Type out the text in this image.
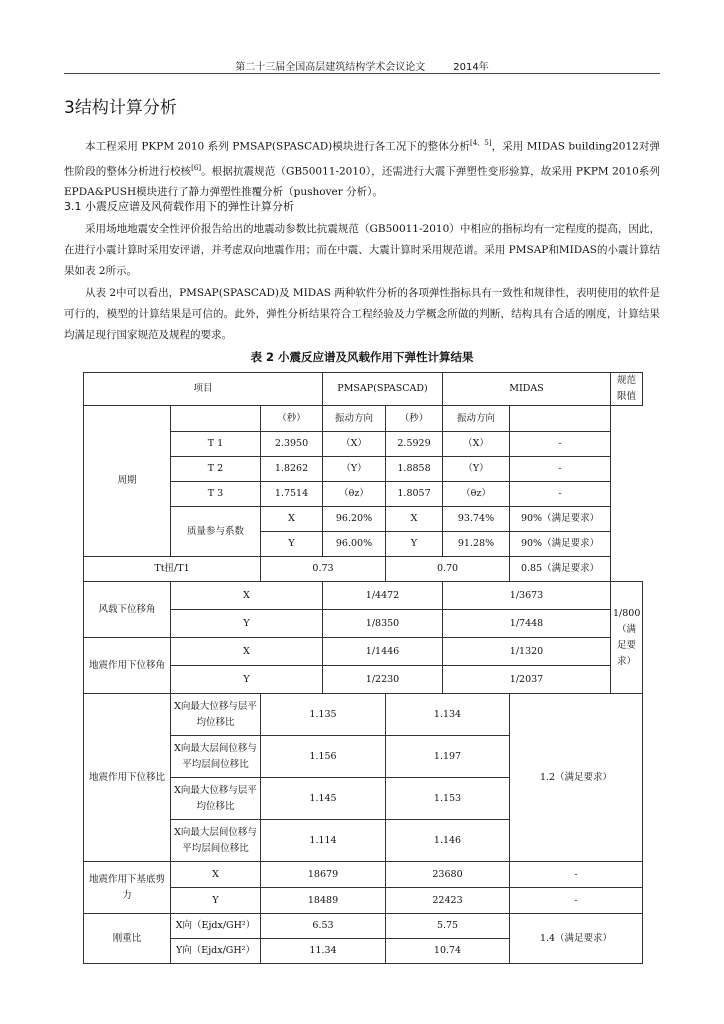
第二十三届全国高层建筑结构学术会议论文	2014年
3结构计算分析
本工程采用 PKPM 2010 系列 PMSAP(SPASCAD)模块进行各工况下的整体分析[4、5]，采用 MIDAS building2012对弹性阶段的整体分析进行校核[6]。根据抗震规范（GB50011-2010），还需进行大震下弹塑性变形验算，故采用 PKPM 2010系列EPDA&PUSH模块进行了静力弹塑性推覆分析（pushover 分析）。
3.1 小震反应谱及风荷载作用下的弹性计算分析
采用场地地震安全性评价报告给出的地震动参数比抗震规范（GB50011-2010）中相应的指标均有一定程度的提高，因此，在进行小震计算时采用安评谱，并考虑双向地震作用；而在中震、大震计算时采用规范谱。采用 PMSAP和MIDAS的小震计算结果如表 2所示。
从表 2中可以看出，PMSAP(SPASCAD)及 MIDAS 两种软件分析的各项弹性指标具有一致性和规律性，表明使用的软件是可行的，模型的计算结果是可信的。此外，弹性分析结果符合工程经验及力学概念所做的判断，结构具有合适的刚度，计算结果均满足现行国家规范及规程的要求。
表 2 小震反应谱及风载作用下弹性计算结果
项目			PMSAP(SPASCAD)		MIDAS		规范限值
周期		（秒）	振动方向	（秒）	振动方向		

	T 1	2.3950	（X）	2.5929	（X）	-	
	T 2	1.8262	（Y）	1.8858	（Y）	-	
	T 3	1.7514	（θz）	1.8057	（θz）	-	
	质量参与系数	X	96.20%	X	93.74%	90%（满足要求）	
		Y	96.00%	Y	91.28%	90%（满足要求）	
Tt扭/T1		0.73		0.70		0.85（满足要求）	
风载下位移角	X		1/4472		1/3673		1/800（满足要求）
	Y		1/8350		1/7448		
地震作用下位移角	X		1/1446		1/1320		
	Y		1/2230		1/2037		
地震作用下位移比	X向最大位移与层平均位移比	1.135		1.134		1.2（满足要求）	
	X向最大层间位移与平均层间位移比	1.156		1.197			
	X向最大位移与层平均位移比	1.145		1.153			
	X向最大层间位移与平均层间位移比	1.114		1.146			
地震作用下基底剪力	X	18679		23680		-	
	Y	18489		22423		-	
刚重比	X向（Ejdx/GH²）	6.53		5.75		1.4（满足要求）	
	Y向（Ejdx/GH²）	11.34		10.74			
